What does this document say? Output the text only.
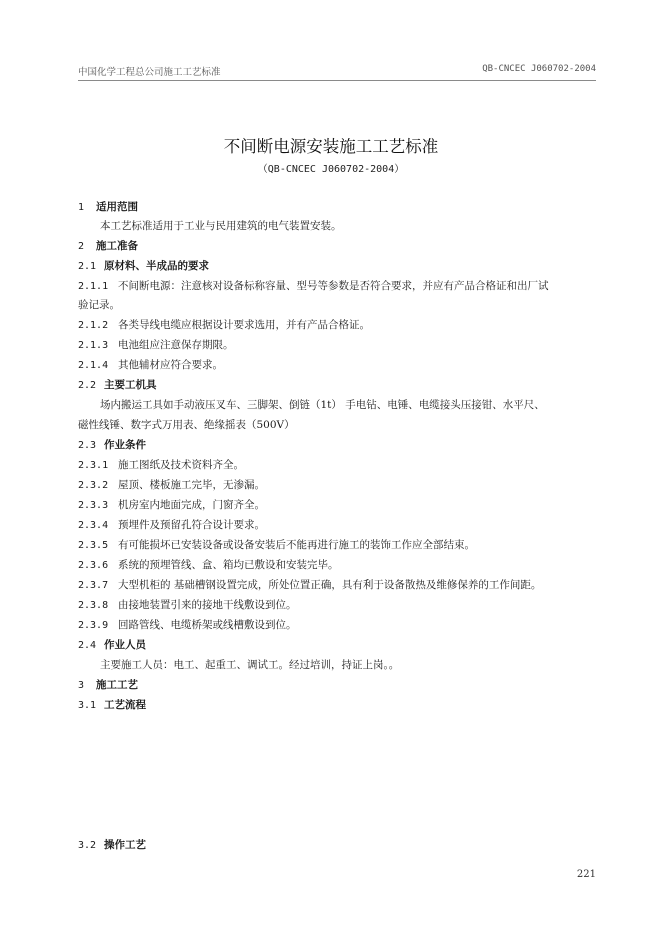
中国化学工程总公司施工工艺标准	QB-CNCEC J060702-2004
不间断电源安装施工工艺标准
（QB-CNCEC J060702-2004）
1 适用范围
本工艺标准适用于工业与民用建筑的电气装置安装。
2 施工准备
2.1 原材料、半成品的要求
2.1.1 不间断电源：注意核对设备标称容量、型号等参数是否符合要求，并应有产品合格证和出厂试
验记录。
2.1.2 各类导线电缆应根据设计要求选用，并有产品合格证。
2.1.3 电池组应注意保存期限。
2.1.4 其他辅材应符合要求。
2.2 主要工机具
场内搬运工具如手动液压叉车、三脚架、倒链（1t） 手电钻、电锤、电缆接头压接钳、水平尺、
磁性线锤、数字式万用表、绝缘摇表（500V）
2.3 作业条件
2.3.1 施工图纸及技术资料齐全。
2.3.2 屋顶、楼板施工完毕，无渗漏。
2.3.3 机房室内地面完成，门窗齐全。
2.3.4 预埋件及预留孔符合设计要求。
2.3.5 有可能损坏已安装设备或设备安装后不能再进行施工的装饰工作应全部结束。
2.3.6 系统的预埋管线、盒、箱均已敷设和安装完毕。
2.3.7 大型机柜的 基础槽钢设置完成，所处位置正确，具有利于设备散热及维修保养的工作间距。
2.3.8 由接地装置引来的接地干线敷设到位。
2.3.9 回路管线、电缆桥架或线槽敷设到位。
2.4 作业人员
主要施工人员：电工、起重工、调试工。经过培训，持证上岗。。
3 施工工艺
3.1 工艺流程
3.2 操作工艺
221
